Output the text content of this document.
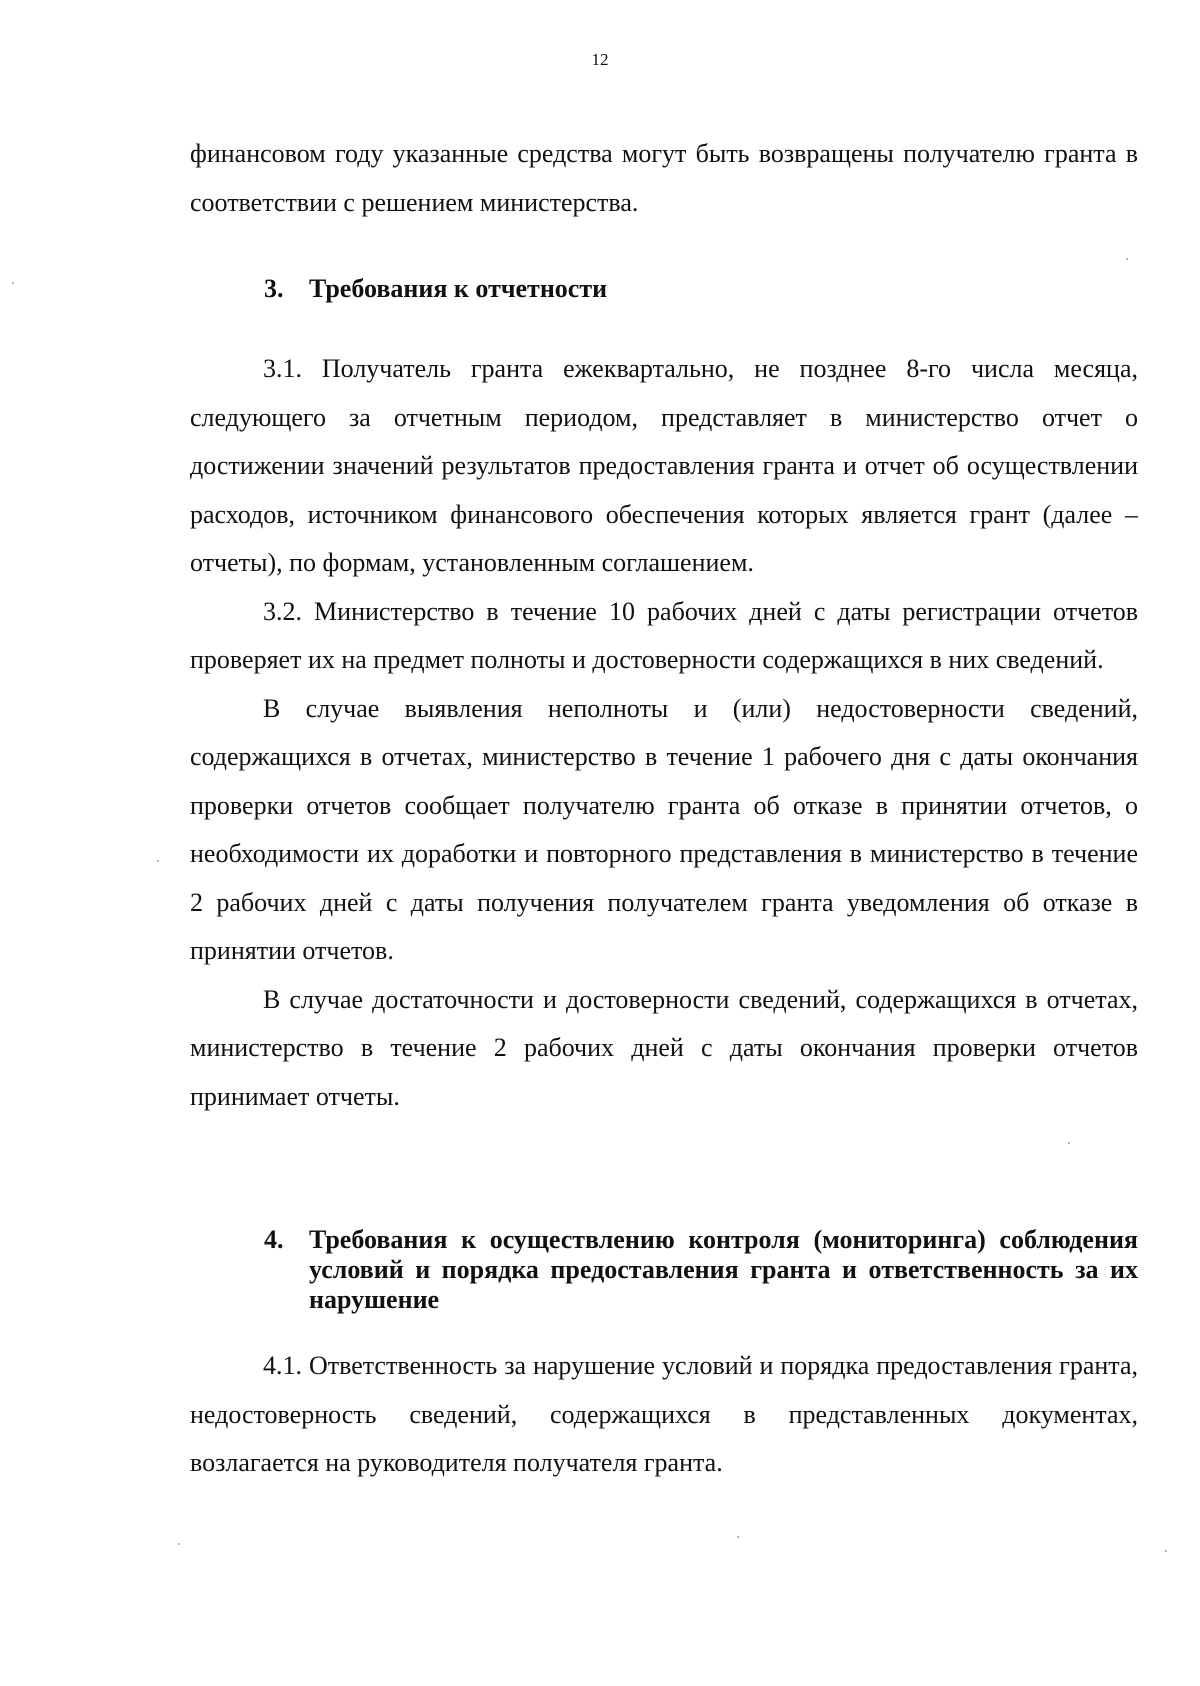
12

финансовом году указанные средства могут быть возвращены получателю гранта в соответствии с решением министерства.

3. Требования к отчетности

3.1. Получатель гранта ежеквартально, не позднее 8-го числа месяца, следующего за отчетным периодом, представляет в министерство отчет о достижении значений результатов предоставления гранта и отчет об осуществлении расходов, источником финансового обеспечения которых является грант (далее – отчеты), по формам, установленным соглашением.

3.2. Министерство в течение 10 рабочих дней с даты регистрации отчетов проверяет их на предмет полноты и достоверности содержащихся в них сведений.

В случае выявления неполноты и (или) недостоверности сведений, содержащихся в отчетах, министерство в течение 1 рабочего дня с даты окончания проверки отчетов сообщает получателю гранта об отказе в принятии отчетов, о необходимости их доработки и повторного представления в министерство в течение 2 рабочих дней с даты получения получателем гранта уведомления об отказе в принятии отчетов.

В случае достаточности и достоверности сведений, содержащихся в отчетах, министерство в течение 2 рабочих дней с даты окончания проверки отчетов принимает отчеты.

4. Требования к осуществлению контроля (мониторинга) соблюдения условий и порядка предоставления гранта и ответственность за их нарушение

4.1. Ответственность за нарушение условий и порядка предоставления гранта, недостоверность сведений, содержащихся в представленных документах, возлагается на руководителя получателя гранта.
